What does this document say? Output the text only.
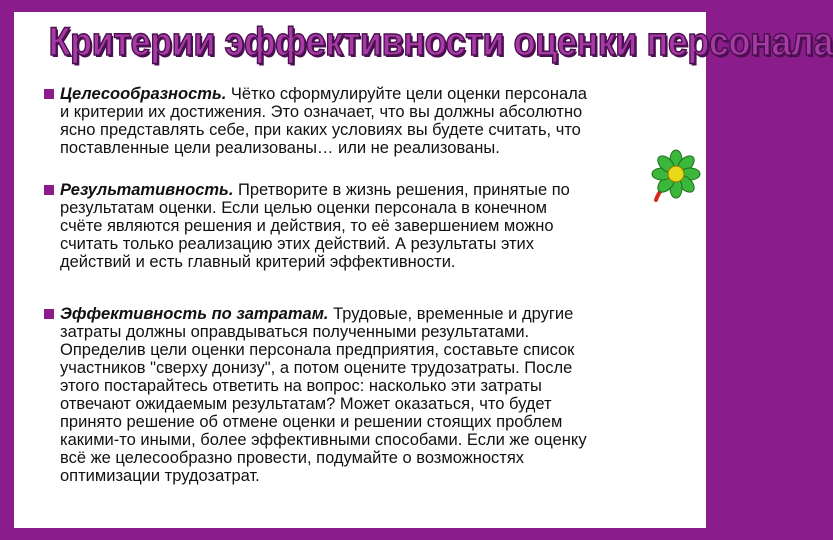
Критерии эффективности оценки персонала
Целесообразность. Чётко сформулируйте цели оценки персонала
и критерии их достижения. Это означает, что вы должны абсолютно
ясно представлять себе, при каких условиях вы будете считать, что
поставленные цели реализованы… или не реализованы.
Результативность. Претворите в жизнь решения, принятые по
результатам оценки. Если целью оценки персонала в конечном
счёте являются решения и действия, то её завершением можно
считать только реализацию этих действий. А результаты этих
действий и есть главный критерий эффективности.
Эффективность по затратам. Трудовые, временные и другие
затраты должны оправдываться полученными результатами.
Определив цели оценки персонала предприятия, составьте список
участников "сверху донизу", а потом оцените трудозатраты. После
этого постарайтесь ответить на вопрос: насколько эти затраты
отвечают ожидаемым результатам? Может оказаться, что будет
принято решение об отмене оценки и решении стоящих проблем
какими-то иными, более эффективными способами. Если же оценку
всё же целесообразно провести, подумайте о возможностях
оптимизации трудозатрат.
